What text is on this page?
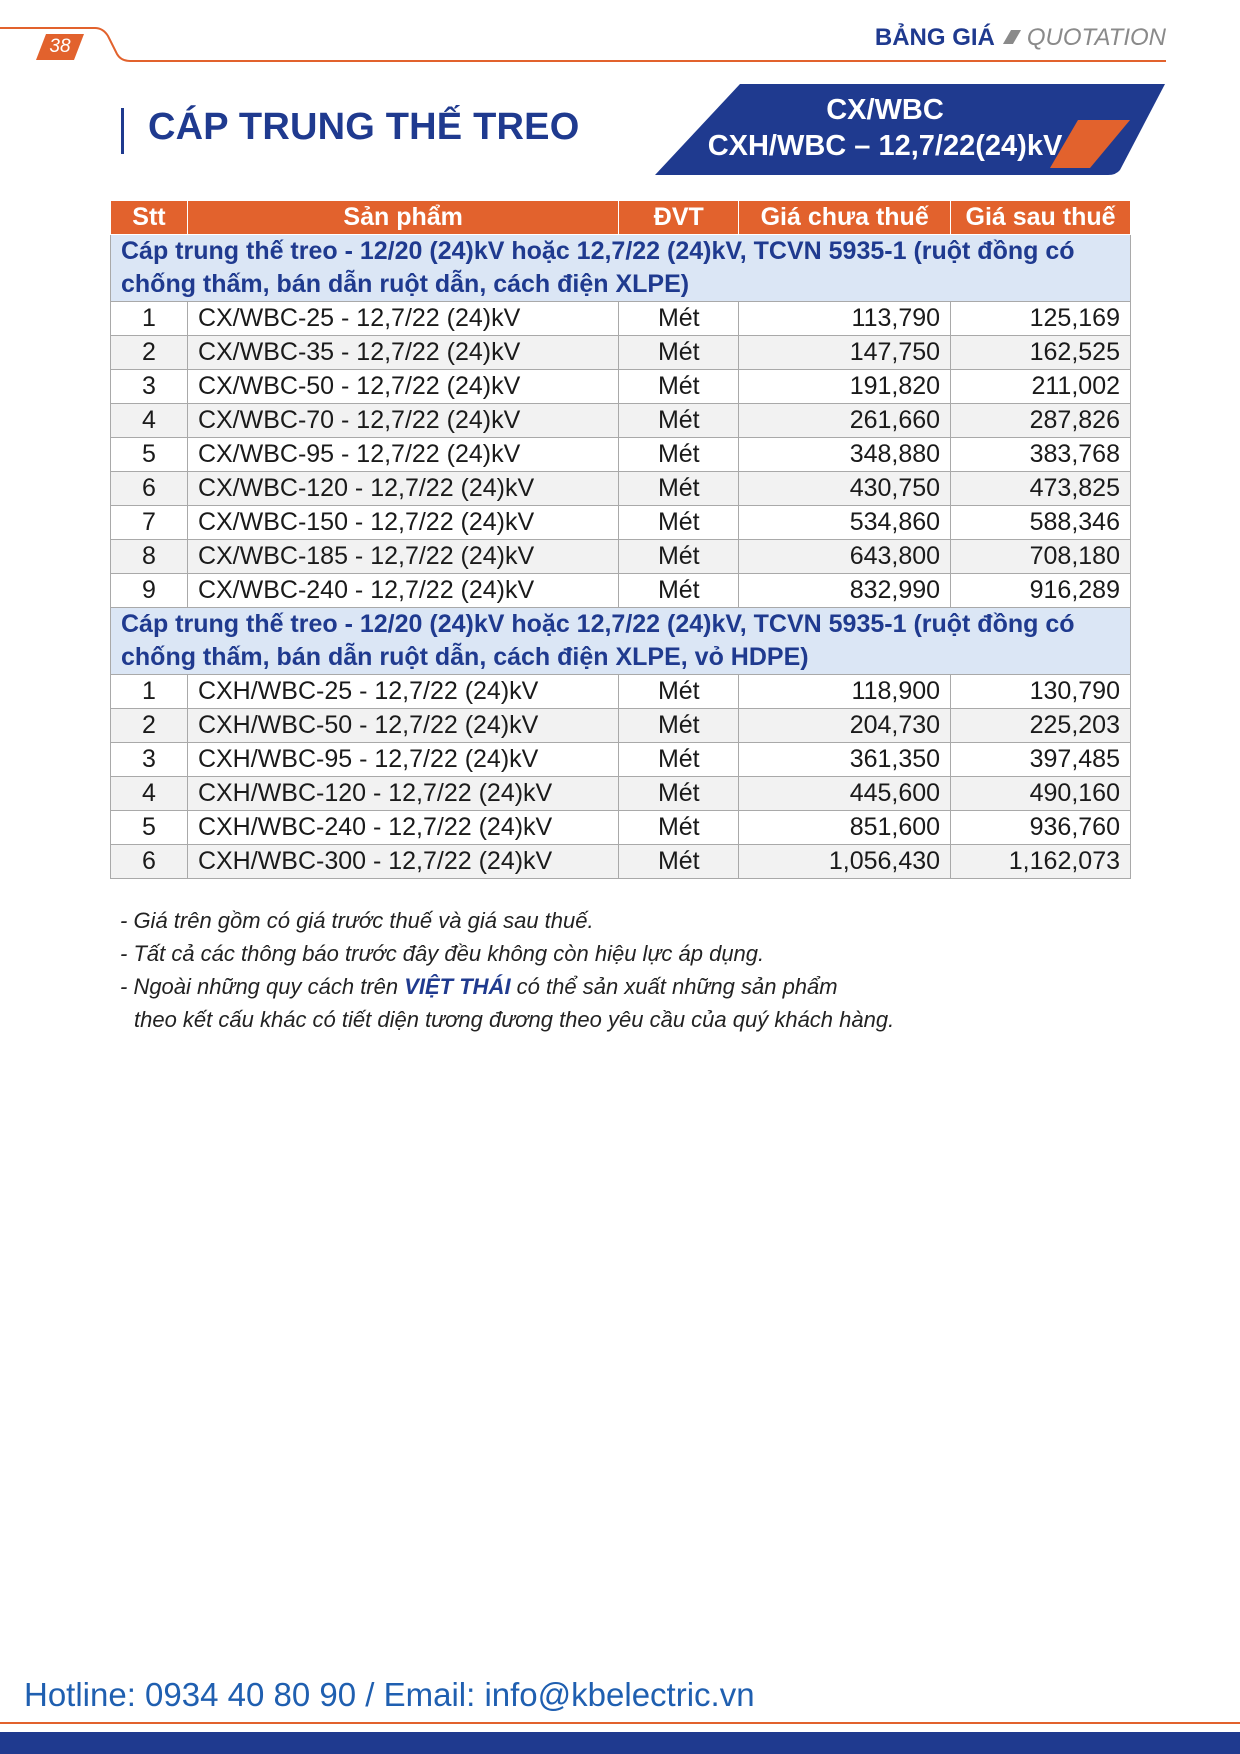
38	BẢNG GIÁ QUOTATION
CÁP TRUNG THẾ TREO	CX/WBC
CXH/WBC – 12,7/22(24)kV
Stt	Sản phẩm	ĐVT	Giá chưa thuế	Giá sau thuế
Cáp trung thế treo - 12/20 (24)kV hoặc 12,7/22 (24)kV, TCVN 5935-1 (ruột đồng có chống thấm, bán dẫn ruột dẫn, cách điện XLPE)				
1	CX/WBC-25 - 12,7/22 (24)kV	Mét	113,790	125,169
2	CX/WBC-35 - 12,7/22 (24)kV	Mét	147,750	162,525
3	CX/WBC-50 - 12,7/22 (24)kV	Mét	191,820	211,002
4	CX/WBC-70 - 12,7/22 (24)kV	Mét	261,660	287,826
5	CX/WBC-95 - 12,7/22 (24)kV	Mét	348,880	383,768
6	CX/WBC-120 - 12,7/22 (24)kV	Mét	430,750	473,825
7	CX/WBC-150 - 12,7/22 (24)kV	Mét	534,860	588,346
8	CX/WBC-185 - 12,7/22 (24)kV	Mét	643,800	708,180
9	CX/WBC-240 - 12,7/22 (24)kV	Mét	832,990	916,289
Cáp trung thế treo - 12/20 (24)kV hoặc 12,7/22 (24)kV, TCVN 5935-1 (ruột đồng có chống thấm, bán dẫn ruột dẫn, cách điện XLPE, vỏ HDPE)				
1	CXH/WBC-25 - 12,7/22 (24)kV	Mét	118,900	130,790
2	CXH/WBC-50 - 12,7/22 (24)kV	Mét	204,730	225,203
3	CXH/WBC-95 - 12,7/22 (24)kV	Mét	361,350	397,485
4	CXH/WBC-120 - 12,7/22 (24)kV	Mét	445,600	490,160
5	CXH/WBC-240 - 12,7/22 (24)kV	Mét	851,600	936,760
6	CXH/WBC-300 - 12,7/22 (24)kV	Mét	1,056,430	1,162,073
- Giá trên gồm có giá trước thuế và giá sau thuế.
- Tất cả các thông báo trước đây đều không còn hiệu lực áp dụng.
- Ngoài những quy cách trên VIỆT THÁI có thể sản xuất những sản phẩm
theo kết cấu khác có tiết diện tương đương theo yêu cầu của quý khách hàng.
Hotline: 0934 40 80 90 / Email: info@kbelectric.vn
